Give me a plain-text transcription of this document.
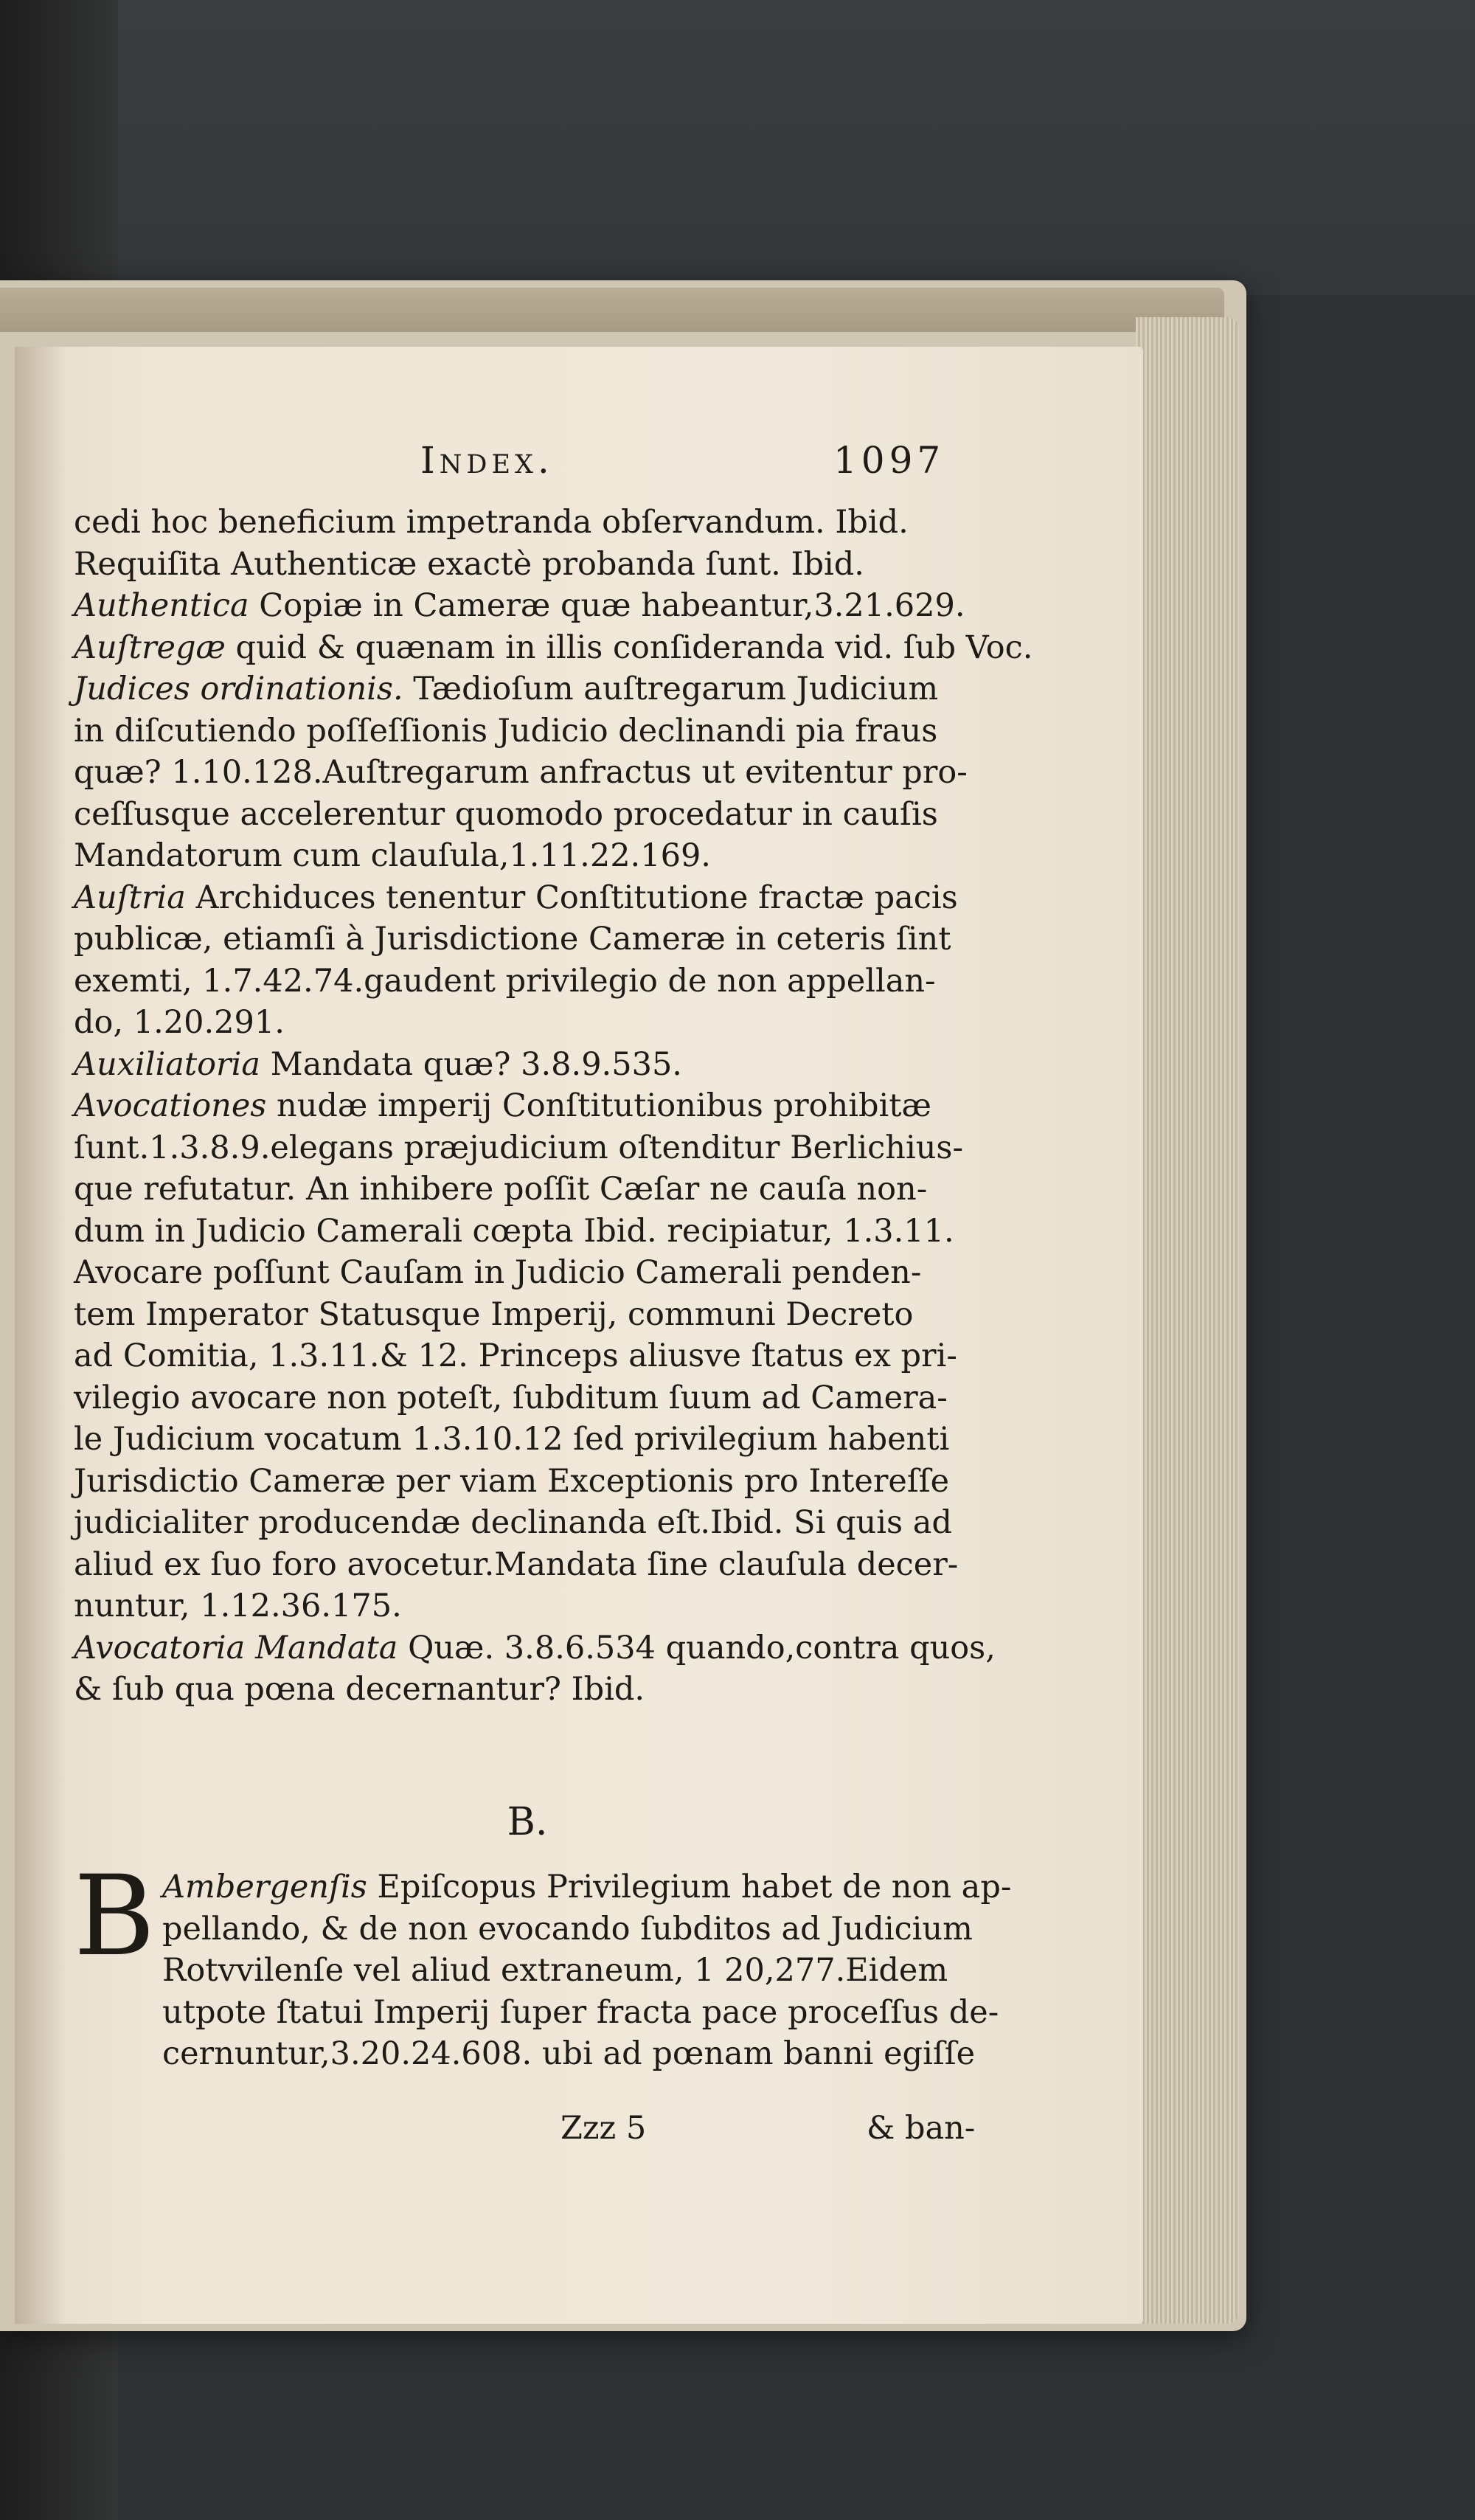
Index.	1097
cedi hoc beneficium impetranda obſervandum. Ibid.
Requiſita Authenticæ exactè probanda ſunt. Ibid.
Authentica Copiæ in Cameræ quæ habeantur,3.21.629.
Auſtregæ quid & quænam in illis conſideranda vid. ſub Voc.
Judices ordinationis. Tædioſum auſtregarum Judicium
in diſcutiendo poſſeſſionis Judicio declinandi pia fraus
quæ? 1.10.128.Auſtregarum anfractus ut evitentur pro-
ceſſusque accelerentur quomodo procedatur in cauſis
Mandatorum cum clauſula,1.11.22.169.
Auſtria Archiduces tenentur Conſtitutione fractæ pacis
publicæ, etiamſi à Jurisdictione Cameræ in ceteris ſint
exemti, 1.7.42.74.gaudent privilegio de non appellan-
do, 1.20.291.
Auxiliatoria Mandata quæ? 3.8.9.535.
Avocationes nudæ imperij Conſtitutionibus prohibitæ
ſunt.1.3.8.9.elegans præjudicium oſtenditur Berlichius-
que refutatur. An inhibere poſſit Cæſar ne cauſa non-
dum in Judicio Camerali cœpta Ibid. recipiatur, 1.3.11.
Avocare poſſunt Cauſam in Judicio Camerali penden-
tem Imperator Statusque Imperij, communi Decreto
ad Comitia, 1.3.11.& 12. Princeps aliusve ſtatus ex pri-
vilegio avocare non poteſt, ſubditum ſuum ad Camera-
le Judicium vocatum 1.3.10.12 ſed privilegium habenti
Jurisdictio Cameræ per viam Exceptionis pro Intereſſe
judicialiter producendæ declinanda eſt.Ibid. Si quis ad
aliud ex ſuo foro avocetur.Mandata ſine clauſula decer-
nuntur, 1.12.36.175.
Avocatoria Mandata Quæ. 3.8.6.534 quando,contra quos,
& ſub qua pœna decernantur? Ibid.
B.
B Ambergenſis Epiſcopus Privilegium habet de non ap-
pellando, & de non evocando ſubditos ad Judicium
Rotvvilenſe vel aliud extraneum, 1 20,277.Eidem
utpote ſtatui Imperij ſuper fracta pace proceſſus de-
cernuntur,3.20.24.608. ubi ad pœnam banni egiſſe
Zzz 5	& ban-
